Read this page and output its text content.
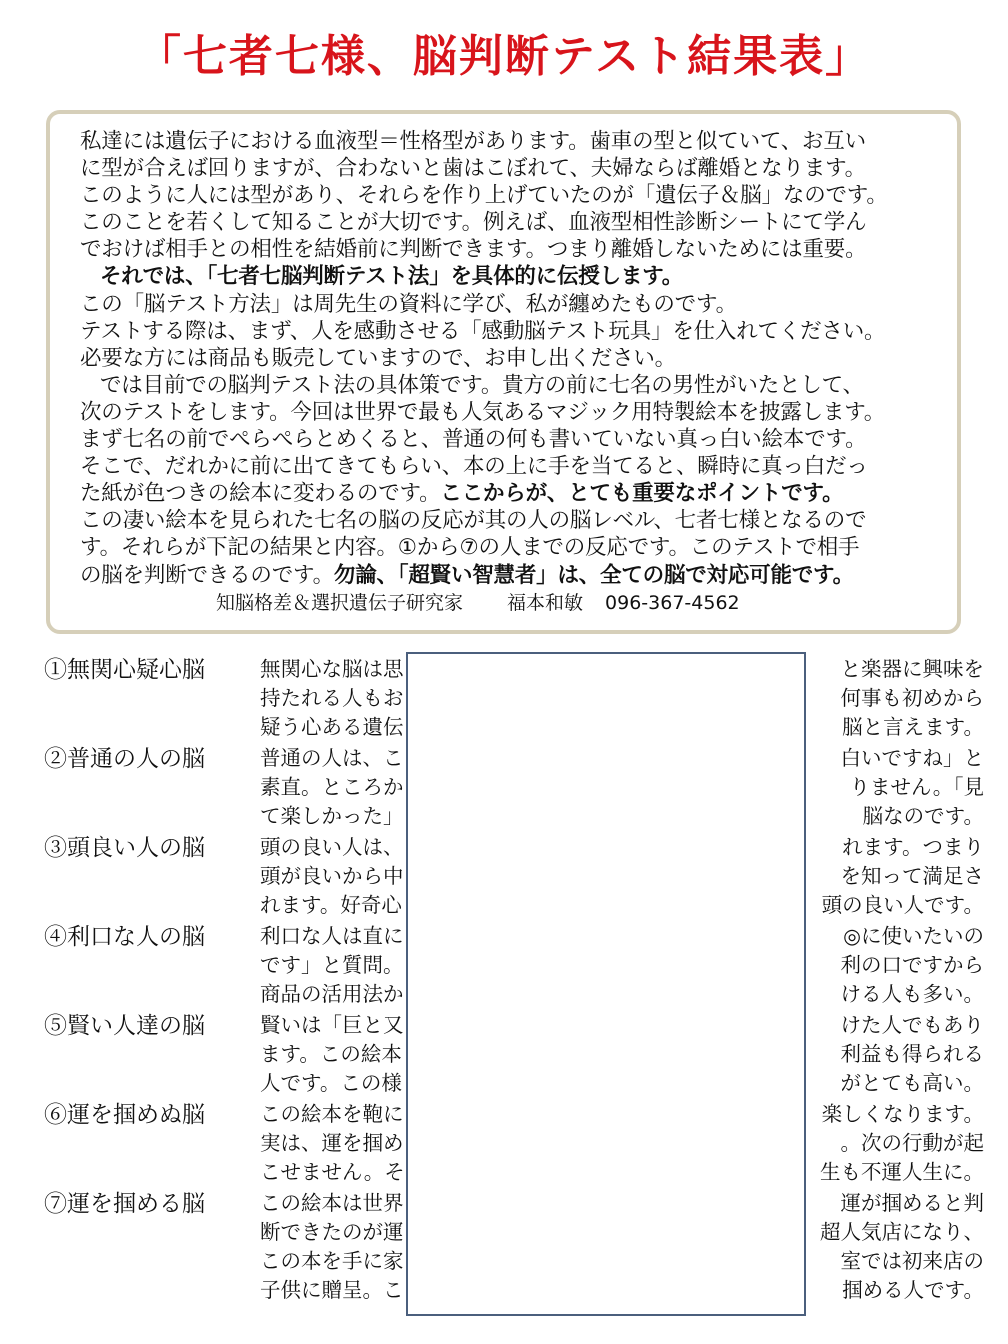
「七者七様、脳判断テスト結果表」
私達には遺伝子における血液型＝性格型があります。歯車の型と似ていて、お互い
に型が合えば回りますが、合わないと歯はこぼれて、夫婦ならば離婚となります。
このように人には型があり、それらを作り上げていたのが「遺伝子＆脳」なのです。
このことを若くして知ることが大切です。例えば、血液型相性診断シートにて学ん
でおけば相手との相性を結婚前に判断できます。つまり離婚しないためには重要。
それでは、「七者七脳判断テスト法」を具体的に伝授します。
この「脳テスト方法」は周先生の資料に学び、私が纏めたものです。
テストする際は、まず、人を感動させる「感動脳テスト玩具」を仕入れてください。
必要な方には商品も販売していますので、お申し出ください。
では目前での脳判テスト法の具体策です。貴方の前に七名の男性がいたとして、
次のテストをします。今回は世界で最も人気あるマジック用特製絵本を披露します。
まず七名の前でぺらぺらとめくると、普通の何も書いていない真っ白い絵本です。
そこで、だれかに前に出てきてもらい、本の上に手を当てると、瞬時に真っ白だっ
た紙が色つきの絵本に変わるのです。ここからが、とても重要なポイントです。
この凄い絵本を見られた七名の脳の反応が其の人の脳レベル、七者七様となるので
す。それらが下記の結果と内容。①から⑦の人までの反応です。このテストで相手
の脳を判断できるのです。勿論、「超賢い智慧者」は、全ての脳で対応可能です。
知脳格差＆選択遺伝子研究家 福本和敏 096-367-4562
①無関心疑心脳	無関心な脳は思	と楽器に興味を
持たれる人もお	何事も初めから
疑う心ある遺伝	脳と言えます。
②普通の人の脳	普通の人は、こ	白いですね」と
素直。ところか	りません。「見
て楽しかった」	脳なのです。
③頭良い人の脳	頭の良い人は、	れます。つまり
頭が良いから中	を知って満足さ
れます。好奇心	頭の良い人です。
④利口な人の脳	利口な人は直に	◎に使いたいの
です」と質問。	利の口ですから
商品の活用法か	ける人も多い。
⑤賢い人達の脳	賢いは「巨と又	けた人でもあり
ます。この絵本	利益も得られる
人です。この様	がとても高い。
⑥運を掴めぬ脳	この絵本を鞄に	楽しくなります。
実は、運を掴め	。次の行動が起
こせません。そ	生も不運人生に。
⑦運を掴める脳	この絵本は世界	運が掴めると判
断できたのが運	超人気店になり、
この本を手に家	室では初来店の
子供に贈呈。こ	掴める人です。
